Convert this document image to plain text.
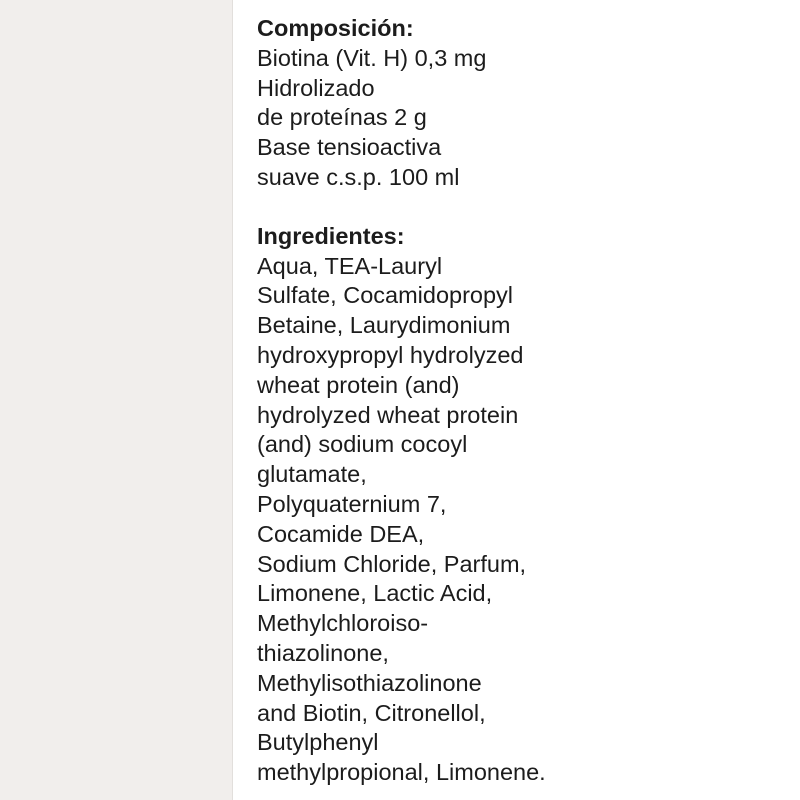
Composición:

Biotina (Vit. H) 0,3 mg

Hidrolizado

de proteínas 2 g

Base tensioactiva

suave c.s.p. 100 ml

Ingredientes:

Aqua, TEA-Lauryl

Sulfate, Cocamidopropyl

Betaine, Laurydimonium

hydroxypropyl hydrolyzed

wheat protein (and)

hydrolyzed wheat protein

(and) sodium cocoyl

glutamate,

Polyquaternium 7,

Cocamide DEA,

Sodium Chloride, Parfum,

Limonene, Lactic Acid,

Methylchloroiso-

thiazolinone,

Methylisothiazolinone

and Biotin, Citronellol,

Butylphenyl

methylpropional, Limonene.
